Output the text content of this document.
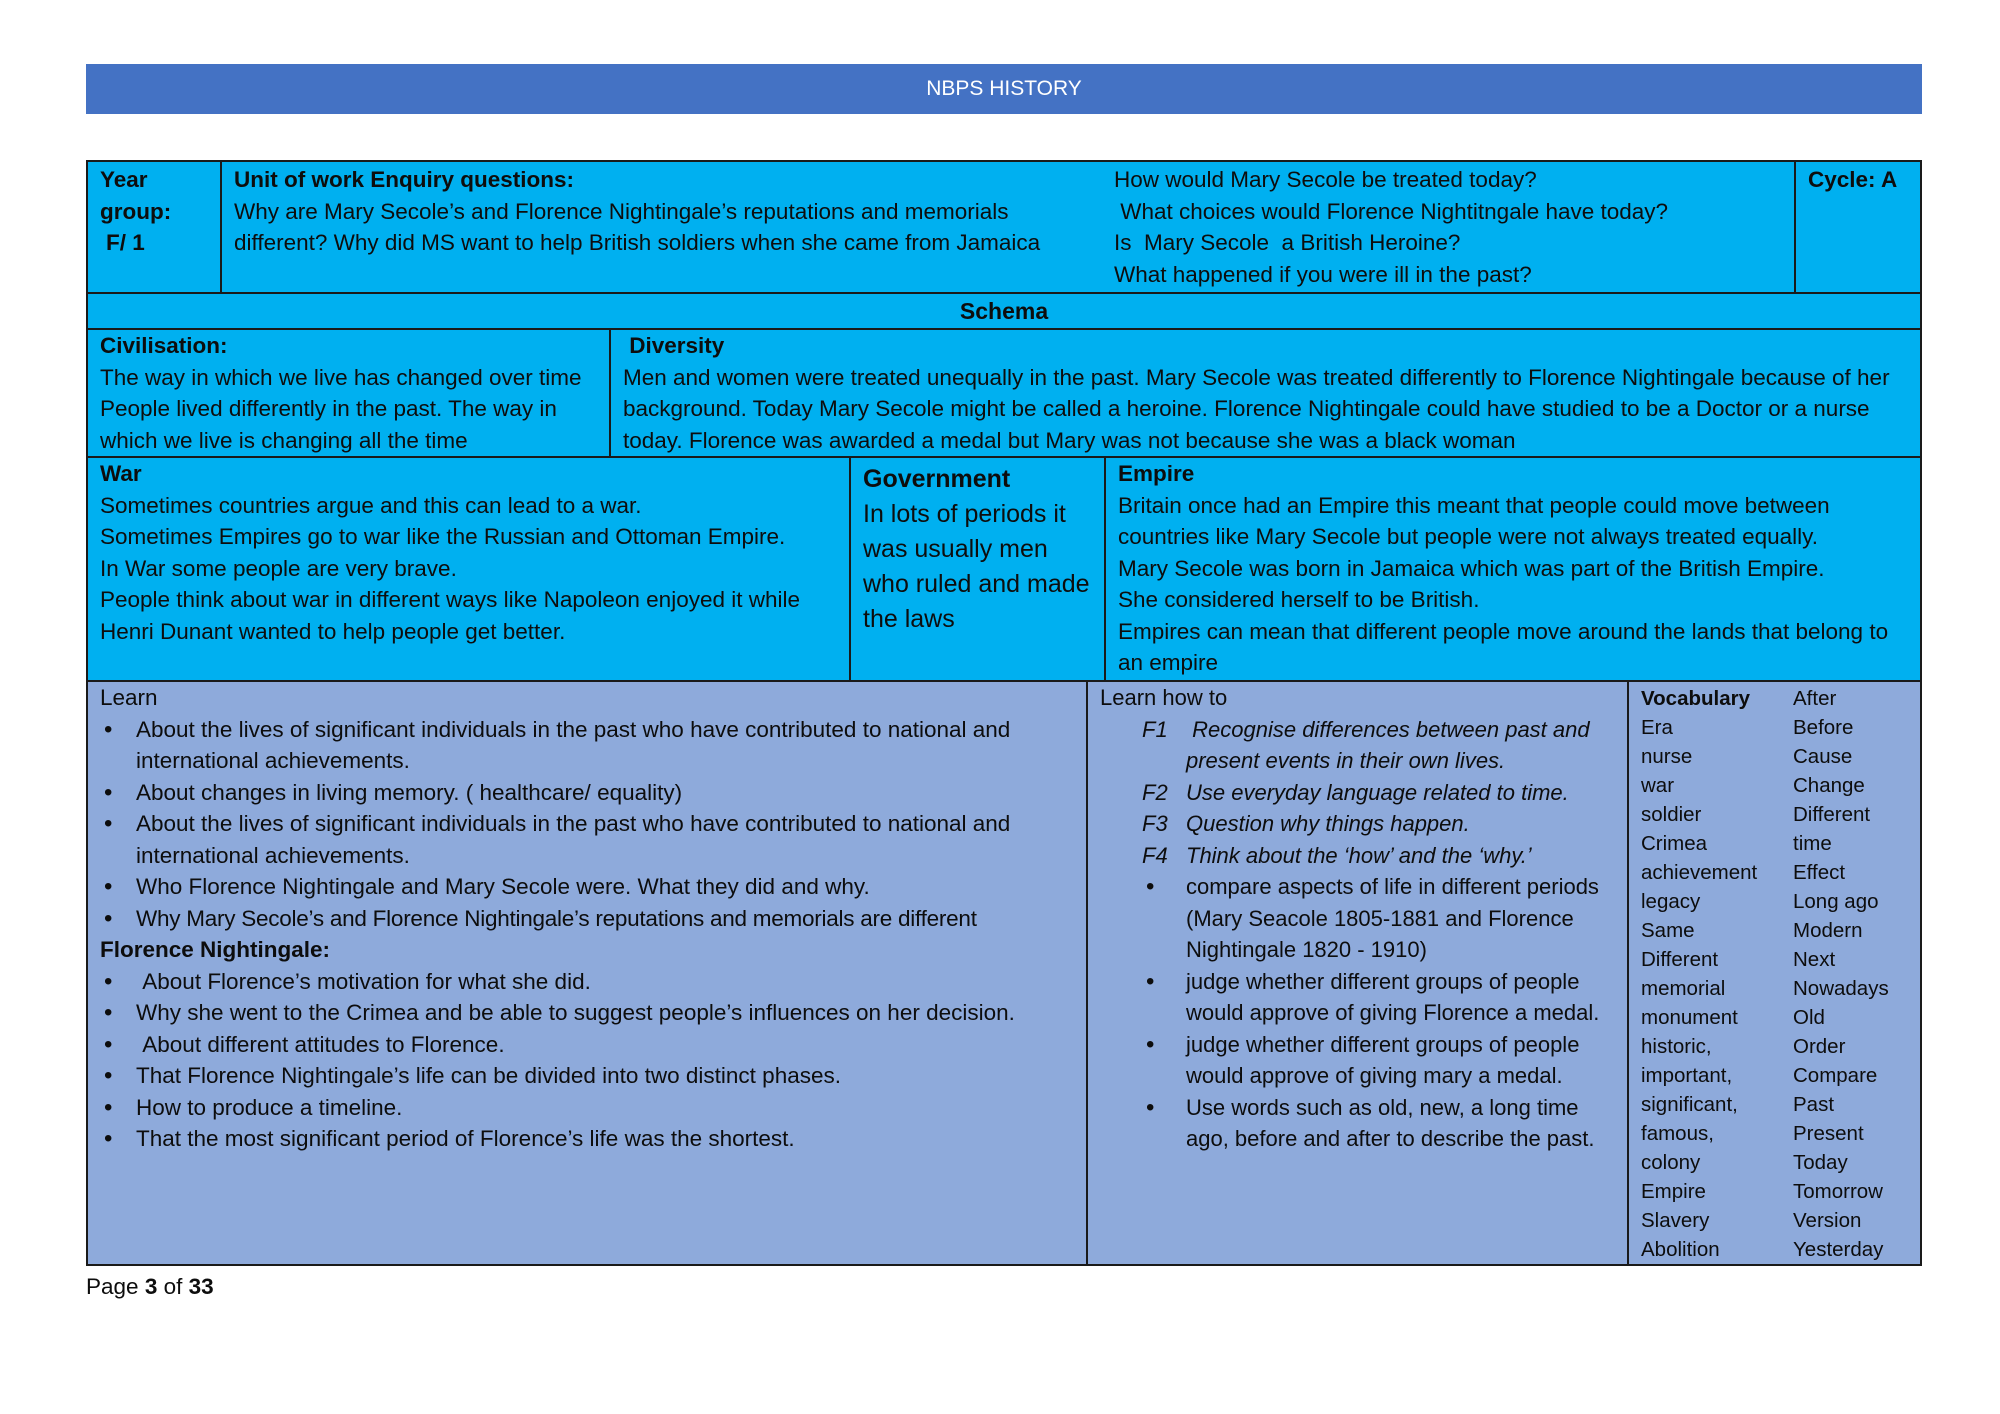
NBPS HISTORY
Year group:
F/ 1
Unit of work Enquiry questions:
Why are Mary Secole’s and Florence Nightingale’s reputations and memorials different? Why did MS want to help British soldiers when she came from Jamaica
How would Mary Secole be treated today?
What choices would Florence Nightitngale have today?
Is  Mary Secole  a British Heroine?
What happened if you were ill in the past?
Cycle: A
Schema
Civilisation:
The way in which we live has changed over time People lived differently in the past. The way in which we live is changing all the time
Diversity
Men and women were treated unequally in the past. Mary Secole was treated differently to Florence Nightingale because of her background. Today Mary Secole might be called a heroine. Florence Nightingale could have studied to be a Doctor or a nurse today. Florence was awarded a medal but Mary was not because she was a black woman
War
Sometimes countries argue and this can lead to a war.
Sometimes Empires go to war like the Russian and Ottoman Empire.
In War some people are very brave.
People think about war in different ways like Napoleon enjoyed it while Henri Dunant wanted to help people get better.
Government
In lots of periods it was usually men who ruled and made the laws
Empire
Britain once had an Empire this meant that people could move between countries like Mary Secole but people were not always treated equally.
Mary Secole was born in Jamaica which was part of the British Empire.
She considered herself to be British.
Empires can mean that different people move around the lands that belong to an empire
Learn
• About the lives of significant individuals in the past who have contributed to national and international achievements.
• About changes in living memory. ( healthcare/ equality)
• About the lives of significant individuals in the past who have contributed to national and international achievements.
• Who Florence Nightingale and Mary Secole were. What they did and why.
• Why Mary Secole’s and Florence Nightingale’s reputations and memorials are different
Florence Nightingale:
•  About Florence’s motivation for what she did.
• Why she went to the Crimea and be able to suggest people’s influences on her decision.
•  About different attitudes to Florence.
• That Florence Nightingale’s life can be divided into two distinct phases.
• How to produce a timeline.
• That the most significant period of Florence’s life was the shortest.
Learn how to
F1 Recognise differences between past and present events in their own lives.
F2 Use everyday language related to time.
F3 Question why things happen.
F4 Think about the ‘how’ and the ‘why.’
• compare aspects of life in different periods (Mary Seacole 1805-1881 and Florence Nightingale 1820 - 1910)
• judge whether different groups of people would approve of giving Florence a medal.
• judge whether different groups of people would approve of giving mary a medal.
• Use words such as old, new, a long time ago, before and after to describe the past.
Vocabulary
Era
nurse
war
soldier
Crimea
achievement
legacy
Same
Different
memorial
monument
historic,
important,
significant,
famous,
colony
Empire
Slavery
Abolition
After
Before
Cause
Change
Different
time
Effect
Long ago
Modern
Next
Nowadays
Old
Order
Compare
Past
Present
Today
Tomorrow
Version
Yesterday
Page 3 of 33
